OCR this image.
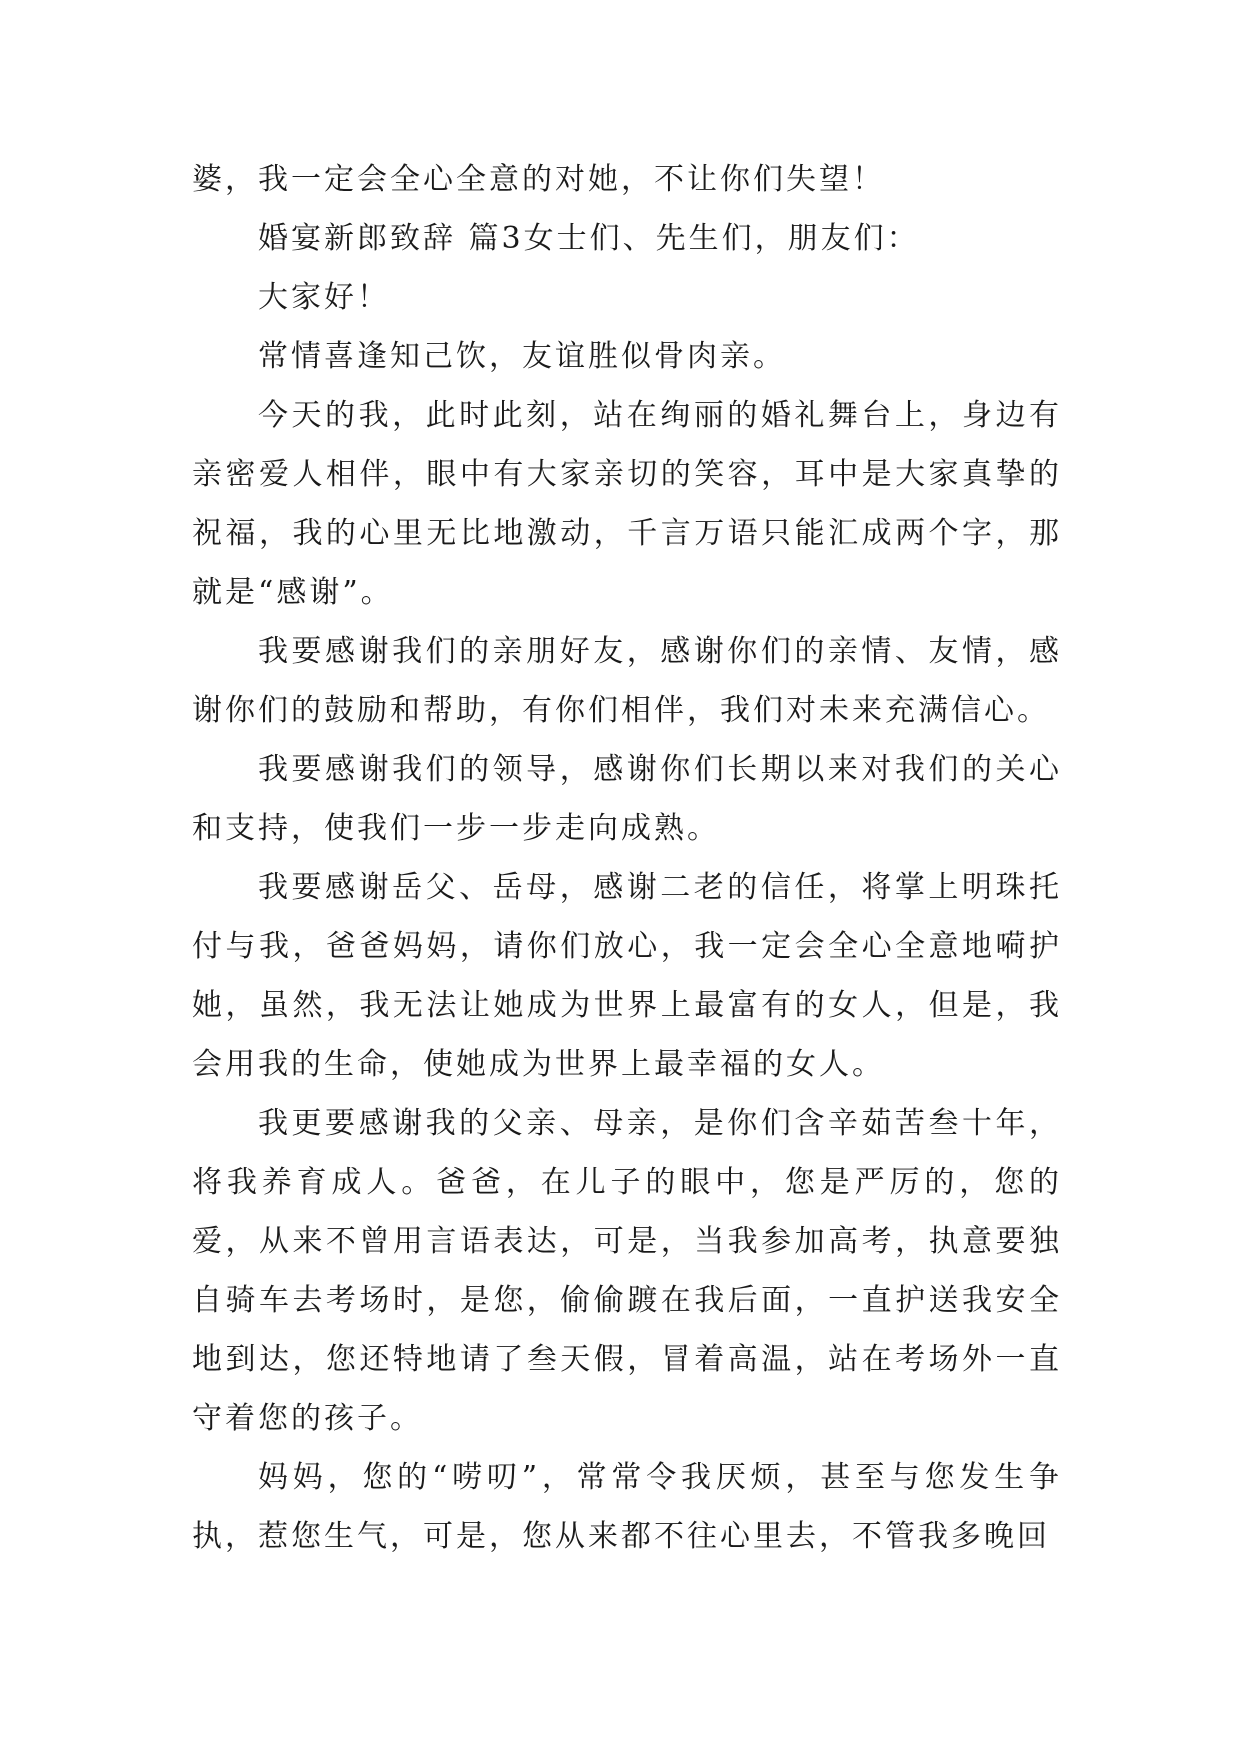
婆，我一定会全心全意的对她，不让你们失望！

婚宴新郎致辞 篇3女士们、先生们，朋友们：

大家好！

常情喜逢知己饮，友谊胜似骨肉亲。

今天的我，此时此刻，站在绚丽的婚礼舞台上，身边有亲密爱人相伴，眼中有大家亲切的笑容，耳中是大家真挚的祝福，我的心里无比地激动，千言万语只能汇成两个字，那就是“感谢”。

我要感谢我们的亲朋好友，感谢你们的亲情、友情，感谢你们的鼓励和帮助，有你们相伴，我们对未来充满信心。

我要感谢我们的领导，感谢你们长期以来对我们的关心和支持，使我们一步一步走向成熟。

我要感谢岳父、岳母，感谢二老的信任，将掌上明珠托付与我，爸爸妈妈，请你们放心，我一定会全心全意地嗬护她，虽然，我无法让她成为世界上最富有的女人，但是，我会用我的生命，使她成为世界上最幸福的女人。

我更要感谢我的父亲、母亲，是你们含辛茹苦叁十年，将我养育成人。爸爸，在儿子的眼中，您是严厉的，您的爱，从来不曾用言语表达，可是，当我参加高考，执意要独自骑车去考场时，是您，偷偷踱在我后面，一直护送我安全地到达，您还特地请了叁天假，冒着高温，站在考场外一直守着您的孩子。

妈妈，您的“唠叨”，常常令我厌烦，甚至与您发生争执，惹您生气，可是，您从来都不往心里去，不管我多晚回
